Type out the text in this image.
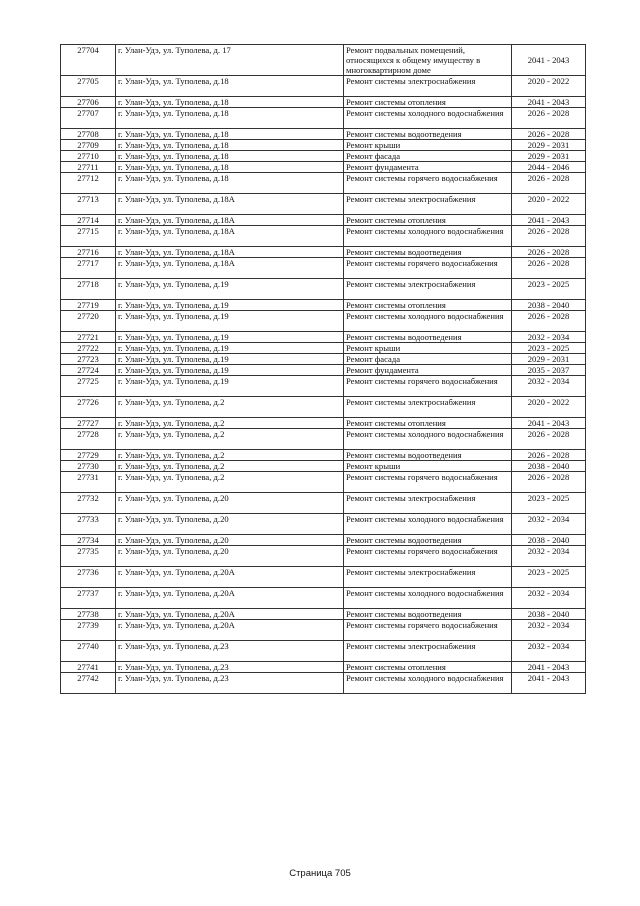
27704	г. Улан-Удэ, ул. Туполева, д. 17	Ремонт подвальных помещений, относящихся к общему имуществу в многоквартирном доме	2041 - 2043
27705	г. Улан-Удэ, ул. Туполева, д.18	Ремонт системы электроснабжения	2020 - 2022
27706	г. Улан-Удэ, ул. Туполева, д.18	Ремонт системы отопления	2041 - 2043
27707	г. Улан-Удэ, ул. Туполева, д.18	Ремонт системы холодного водоснабжения	2026 - 2028
27708	г. Улан-Удэ, ул. Туполева, д.18	Ремонт системы водоотведения	2026 - 2028
27709	г. Улан-Удэ, ул. Туполева, д.18	Ремонт крыши	2029 - 2031
27710	г. Улан-Удэ, ул. Туполева, д.18	Ремонт фасада	2029 - 2031
27711	г. Улан-Удэ, ул. Туполева, д.18	Ремонт фундамента	2044 - 2046
27712	г. Улан-Удэ, ул. Туполева, д.18	Ремонт системы горячего водоснабжения	2026 - 2028
27713	г. Улан-Удэ, ул. Туполева, д.18А	Ремонт системы электроснабжения	2020 - 2022
27714	г. Улан-Удэ, ул. Туполева, д.18А	Ремонт системы отопления	2041 - 2043
27715	г. Улан-Удэ, ул. Туполева, д.18А	Ремонт системы холодного водоснабжения	2026 - 2028
27716	г. Улан-Удэ, ул. Туполева, д.18А	Ремонт системы водоотведения	2026 - 2028
27717	г. Улан-Удэ, ул. Туполева, д.18А	Ремонт системы горячего водоснабжения	2026 - 2028
27718	г. Улан-Удэ, ул. Туполева, д.19	Ремонт системы электроснабжения	2023 - 2025
27719	г. Улан-Удэ, ул. Туполева, д.19	Ремонт системы отопления	2038 - 2040
27720	г. Улан-Удэ, ул. Туполева, д.19	Ремонт системы холодного водоснабжения	2026 - 2028
27721	г. Улан-Удэ, ул. Туполева, д.19	Ремонт системы водоотведения	2032 - 2034
27722	г. Улан-Удэ, ул. Туполева, д.19	Ремонт крыши	2023 - 2025
27723	г. Улан-Удэ, ул. Туполева, д.19	Ремонт фасада	2029 - 2031
27724	г. Улан-Удэ, ул. Туполева, д.19	Ремонт фундамента	2035 - 2037
27725	г. Улан-Удэ, ул. Туполева, д.19	Ремонт системы горячего водоснабжения	2032 - 2034
27726	г. Улан-Удэ, ул. Туполева, д.2	Ремонт системы электроснабжения	2020 - 2022
27727	г. Улан-Удэ, ул. Туполева, д.2	Ремонт системы отопления	2041 - 2043
27728	г. Улан-Удэ, ул. Туполева, д.2	Ремонт системы холодного водоснабжения	2026 - 2028
27729	г. Улан-Удэ, ул. Туполева, д.2	Ремонт системы водоотведения	2026 - 2028
27730	г. Улан-Удэ, ул. Туполева, д.2	Ремонт крыши	2038 - 2040
27731	г. Улан-Удэ, ул. Туполева, д.2	Ремонт системы горячего водоснабжения	2026 - 2028
27732	г. Улан-Удэ, ул. Туполева, д.20	Ремонт системы электроснабжения	2023 - 2025
27733	г. Улан-Удэ, ул. Туполева, д.20	Ремонт системы холодного водоснабжения	2032 - 2034
27734	г. Улан-Удэ, ул. Туполева, д.20	Ремонт системы водоотведения	2038 - 2040
27735	г. Улан-Удэ, ул. Туполева, д.20	Ремонт системы горячего водоснабжения	2032 - 2034
27736	г. Улан-Удэ, ул. Туполева, д.20А	Ремонт системы электроснабжения	2023 - 2025
27737	г. Улан-Удэ, ул. Туполева, д.20А	Ремонт системы холодного водоснабжения	2032 - 2034
27738	г. Улан-Удэ, ул. Туполева, д.20А	Ремонт системы водоотведения	2038 - 2040
27739	г. Улан-Удэ, ул. Туполева, д.20А	Ремонт системы горячего водоснабжения	2032 - 2034
27740	г. Улан-Удэ, ул. Туполева, д.23	Ремонт системы электроснабжения	2032 - 2034
27741	г. Улан-Удэ, ул. Туполева, д.23	Ремонт системы отопления	2041 - 2043
27742	г. Улан-Удэ, ул. Туполева, д.23	Ремонт системы холодного водоснабжения	2041 - 2043
Страница 705
